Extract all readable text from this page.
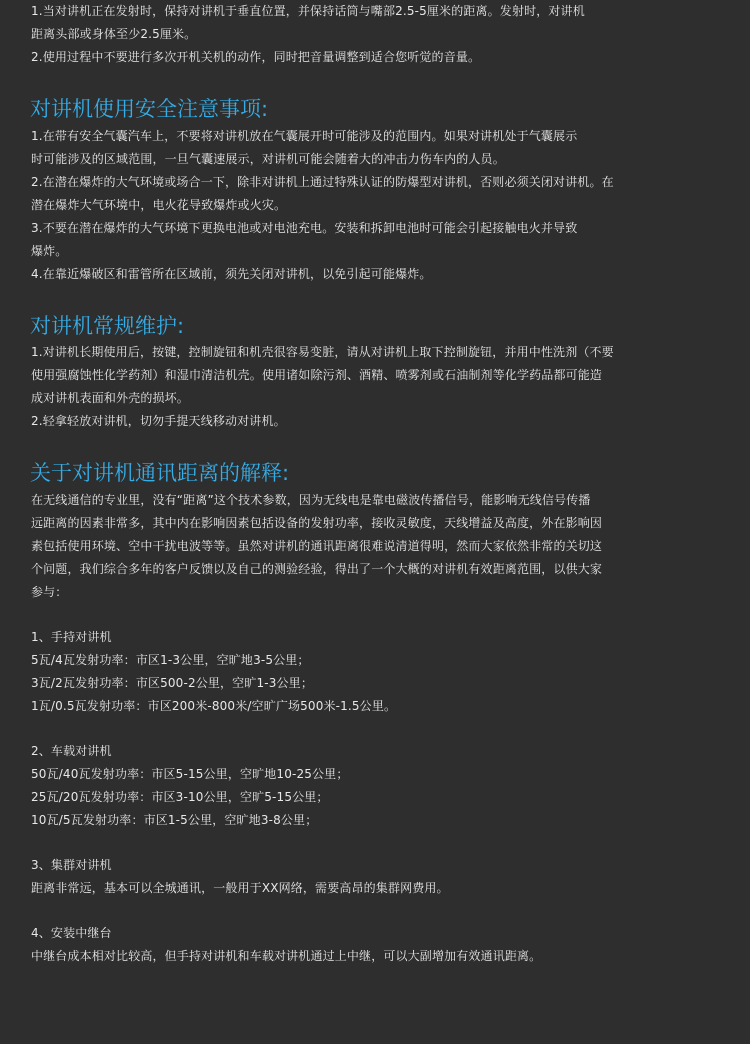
1.当对讲机正在发射时，保持对讲机于垂直位置，并保持话筒与嘴部2.5-5厘米的距离。发射时，对讲机
距离头部或身体至少2.5厘米。
2.使用过程中不要进行多次开机关机的动作，同时把音量调整到适合您听觉的音量。
对讲机使用安全注意事项:
1.在带有安全气囊汽车上，不要将对讲机放在气囊展开时可能涉及的范围内。如果对讲机处于气囊展示
时可能涉及的区域范围，一旦气囊速展示，对讲机可能会随着大的冲击力伤车内的人员。
2.在潜在爆炸的大气环境或场合一下，除非对讲机上通过特殊认证的防爆型对讲机，否则必须关闭对讲机。在
潜在爆炸大气环境中，电火花导致爆炸或火灾。
3.不要在潜在爆炸的大气环境下更换电池或对电池充电。安装和拆卸电池时可能会引起接触电火并导致
爆炸。
4.在靠近爆破区和雷管所在区域前，须先关闭对讲机，以免引起可能爆炸。
对讲机常规维护:
1.对讲机长期使用后，按键，控制旋钮和机壳很容易变脏，请从对讲机上取下控制旋钮，并用中性洗剂（不要
使用强腐蚀性化学药剂）和湿巾清洁机壳。使用诸如除污剂、酒精、喷雾剂或石油制剂等化学药品都可能造
成对讲机表面和外壳的损坏。
2.轻拿轻放对讲机，切勿手提天线移动对讲机。
关于对讲机通讯距离的解释:
在无线通信的专业里，没有“距离”这个技术参数，因为无线电是靠电磁波传播信号，能影响无线信号传播
远距离的因素非常多，其中内在影响因素包括设备的发射功率，接收灵敏度，天线增益及高度，外在影响因
素包括使用环境、空中干扰电波等等。虽然对讲机的通讯距离很难说清道得明，然而大家依然非常的关切这
个问题，我们综合多年的客户反馈以及自己的测验经验，得出了一个大概的对讲机有效距离范围，以供大家
参与：
1、手持对讲机
5瓦/4瓦发射功率：市区1-3公里，空旷地3-5公里；
3瓦/2瓦发射功率：市区500-2公里，空旷1-3公里；
1瓦/0.5瓦发射功率：市区200米-800米/空旷广场500米-1.5公里。
2、车载对讲机
50瓦/40瓦发射功率：市区5-15公里，空旷地10-25公里；
25瓦/20瓦发射功率：市区3-10公里，空旷5-15公里；
10瓦/5瓦发射功率：市区1-5公里，空旷地3-8公里；
3、集群对讲机
距离非常远，基本可以全城通讯，一般用于XX网络，需要高昂的集群网费用。
4、安装中继台
中继台成本相对比较高，但手持对讲机和车载对讲机通过上中继，可以大副增加有效通讯距离。
